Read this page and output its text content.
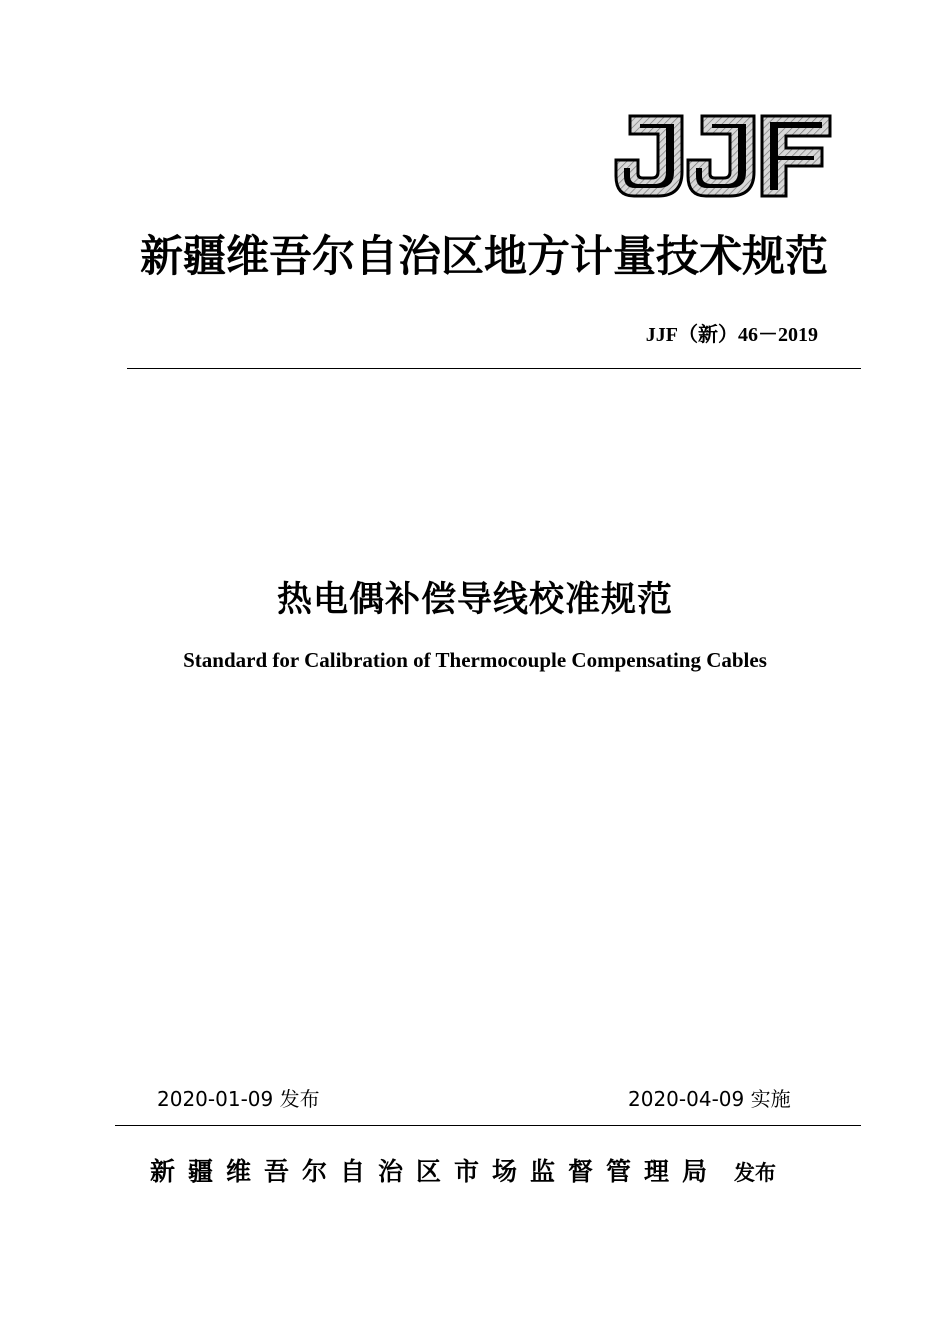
新疆维吾尔自治区地方计量技术规范
JJF（新）46－2019
热电偶补偿导线校准规范
Standard for Calibration of Thermocouple Compensating Cables
2020-01-09 发布	2020-04-09 实施
新疆维吾尔自治区市场监督管理局 发布
